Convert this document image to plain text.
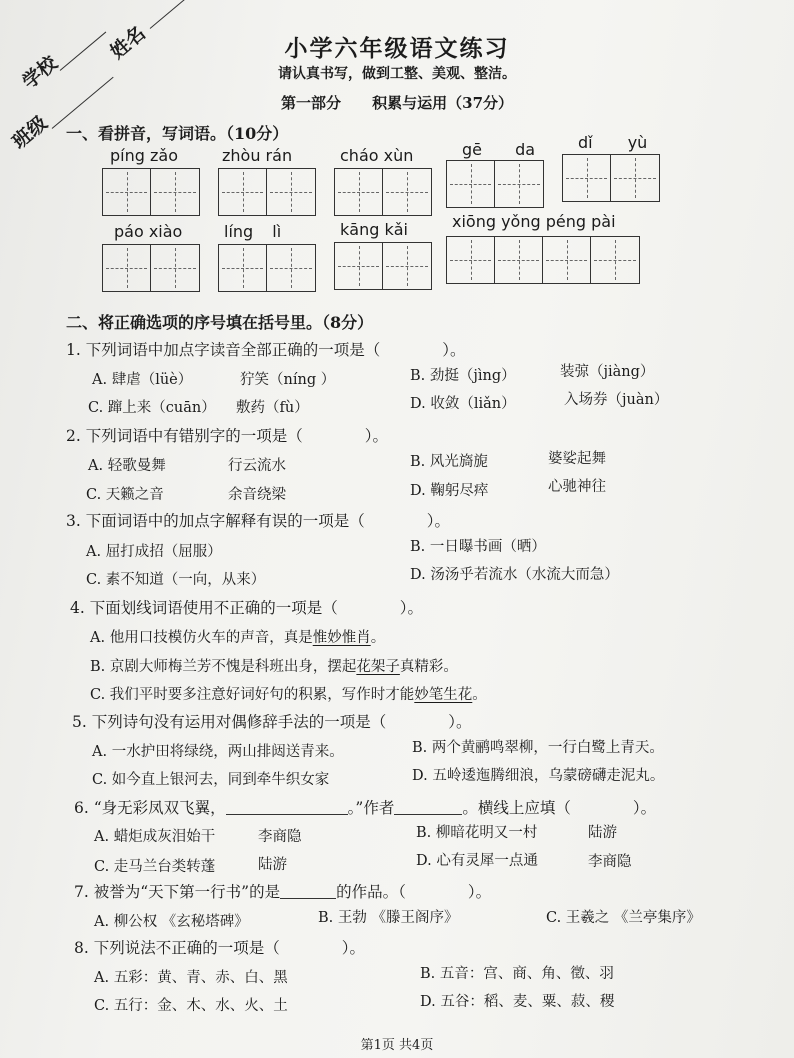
学校
姓名
班级
小学六年级语文练习
请认真书写，做到工整、美观、整洁。
第一部分 积累与运用（37分）
一、看拼音，写词语。（10分）
píng zǎo	zhòu rán	cháo xùn	gē da	dǐ yù
páo xiào	líng lì	kāng kǎi	xiōng yǒng péng pài
二、将正确选项的序号填在括号里。（8分）
1. 下列词语中加点字读音全部正确的一项是（　　　　）。
A. 肆虐（lüè）	狞笑（níng ）	B. 劲挺（jìng）	装弶（jiàng）
C. 蹿上来（cuān） 敷药（fù）	D. 收敛（liǎn）	入场券（juàn）
2. 下列词语中有错别字的一项是（　　　　）。
A. 轻歌曼舞	行云流水	B. 风光旖旎	婆娑起舞
C. 天籁之音	余音绕梁	D. 鞠躬尽瘁	心驰神往
3. 下面词语中的加点字解释有误的一项是（　　　　）。
A. 屈打成招（屈服）	B. 一日曝书画（晒）
C. 素不知道（一向，从来）	D. 汤汤乎若流水（水流大而急）
4. 下面划线词语使用不正确的一项是（　　　　）。
A. 他用口技模仿火车的声音，真是惟妙惟肖。
B. 京剧大师梅兰芳不愧是科班出身，摆起花架子真精彩。
C. 我们平时要多注意好词好句的积累，写作时才能妙笔生花。
5. 下列诗句没有运用对偶修辞手法的一项是（　　　　）。
A. 一水护田将绿绕，两山排闼送青来。	B. 两个黄鹂鸣翠柳，一行白鹭上青天。
C. 如今直上银河去，同到牵牛织女家	D. 五岭逶迤腾细浪，乌蒙磅礴走泥丸。
6. “身无彩凤双飞翼，	。”作者	。横线上应填（　　　　）。
A. 蜡炬成灰泪始干	李商隐	B. 柳暗花明又一村	陆游
C. 走马兰台类转蓬	陆游	D. 心有灵犀一点通	李商隐
7. 被誉为“天下第一行书”的是	的作品。（　　　　）。
A. 柳公权 《玄秘塔碑》	B. 王勃 《滕王阁序》	C. 王羲之 《兰亭集序》
8. 下列说法不正确的一项是（　　　　）。
A. 五彩：黄、青、赤、白、黑	B. 五音：宫、商、角、徵、羽
C. 五行：金、木、水、火、土	D. 五谷：稻、麦、粟、菽、稷
第1页 共4页
